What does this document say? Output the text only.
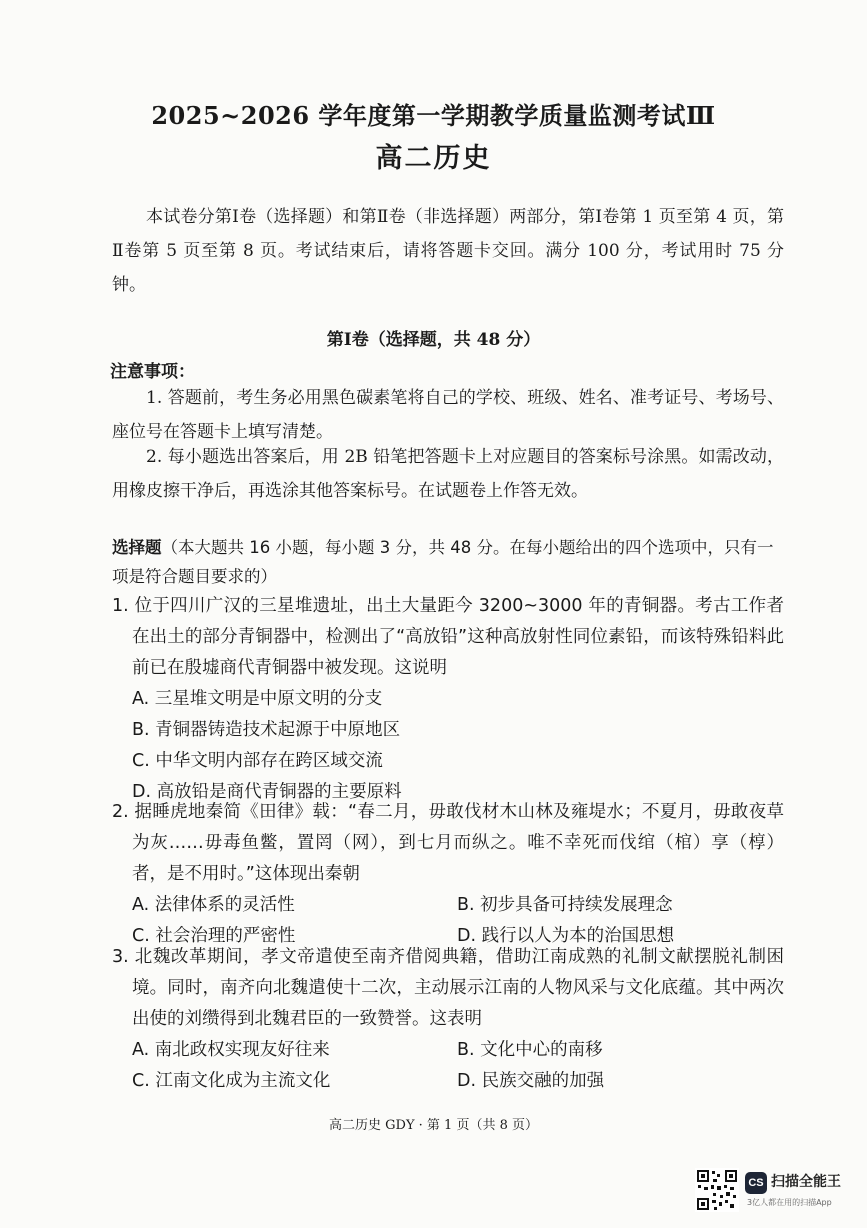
2025~2026 学年度第一学期教学质量监测考试Ⅲ
高二历史
本试卷分第Ⅰ卷（选择题）和第Ⅱ卷（非选择题）两部分，第Ⅰ卷第 1 页至第 4 页，第Ⅱ卷第 5 页至第 8 页。考试结束后，请将答题卡交回。满分 100 分，考试用时 75 分钟。
第Ⅰ卷（选择题，共 48 分）
注意事项：
1. 答题前，考生务必用黑色碳素笔将自己的学校、班级、姓名、准考证号、考场号、座位号在答题卡上填写清楚。
2. 每小题选出答案后，用 2B 铅笔把答题卡上对应题目的答案标号涂黑。如需改动，用橡皮擦干净后，再选涂其他答案标号。在试题卷上作答无效。
选择题（本大题共 16 小题，每小题 3 分，共 48 分。在每小题给出的四个选项中，只有一项是符合题目要求的）
1. 位于四川广汉的三星堆遗址，出土大量距今 3200~3000 年的青铜器。考古工作者在出土的部分青铜器中，检测出了“高放铅”这种高放射性同位素铅，而该特殊铅料此前已在殷墟商代青铜器中被发现。这说明
A. 三星堆文明是中原文明的分支
B. 青铜器铸造技术起源于中原地区
C. 中华文明内部存在跨区域交流
D. 高放铅是商代青铜器的主要原料
2. 据睡虎地秦简《田律》载：“春二月，毋敢伐材木山林及雍堤水；不夏月，毋敢夜草为灰……毋毒鱼鳖，置罔（网），到七月而纵之。唯不幸死而伐绾（棺）享（椁）者，是不用时。”这体现出秦朝
A. 法律体系的灵活性	B. 初步具备可持续发展理念
C. 社会治理的严密性	D. 践行以人为本的治国思想
3. 北魏改革期间，孝文帝遣使至南齐借阅典籍，借助江南成熟的礼制文献摆脱礼制困境。同时，南齐向北魏遣使十二次，主动展示江南的人物风采与文化底蕴。其中两次出使的刘缵得到北魏君臣的一致赞誉。这表明
A. 南北政权实现友好往来	B. 文化中心的南移
C. 江南文化成为主流文化	D. 民族交融的加强
高二历史 GDY · 第 1 页（共 8 页）
CS 扫描全能王
3亿人都在用的扫描App
